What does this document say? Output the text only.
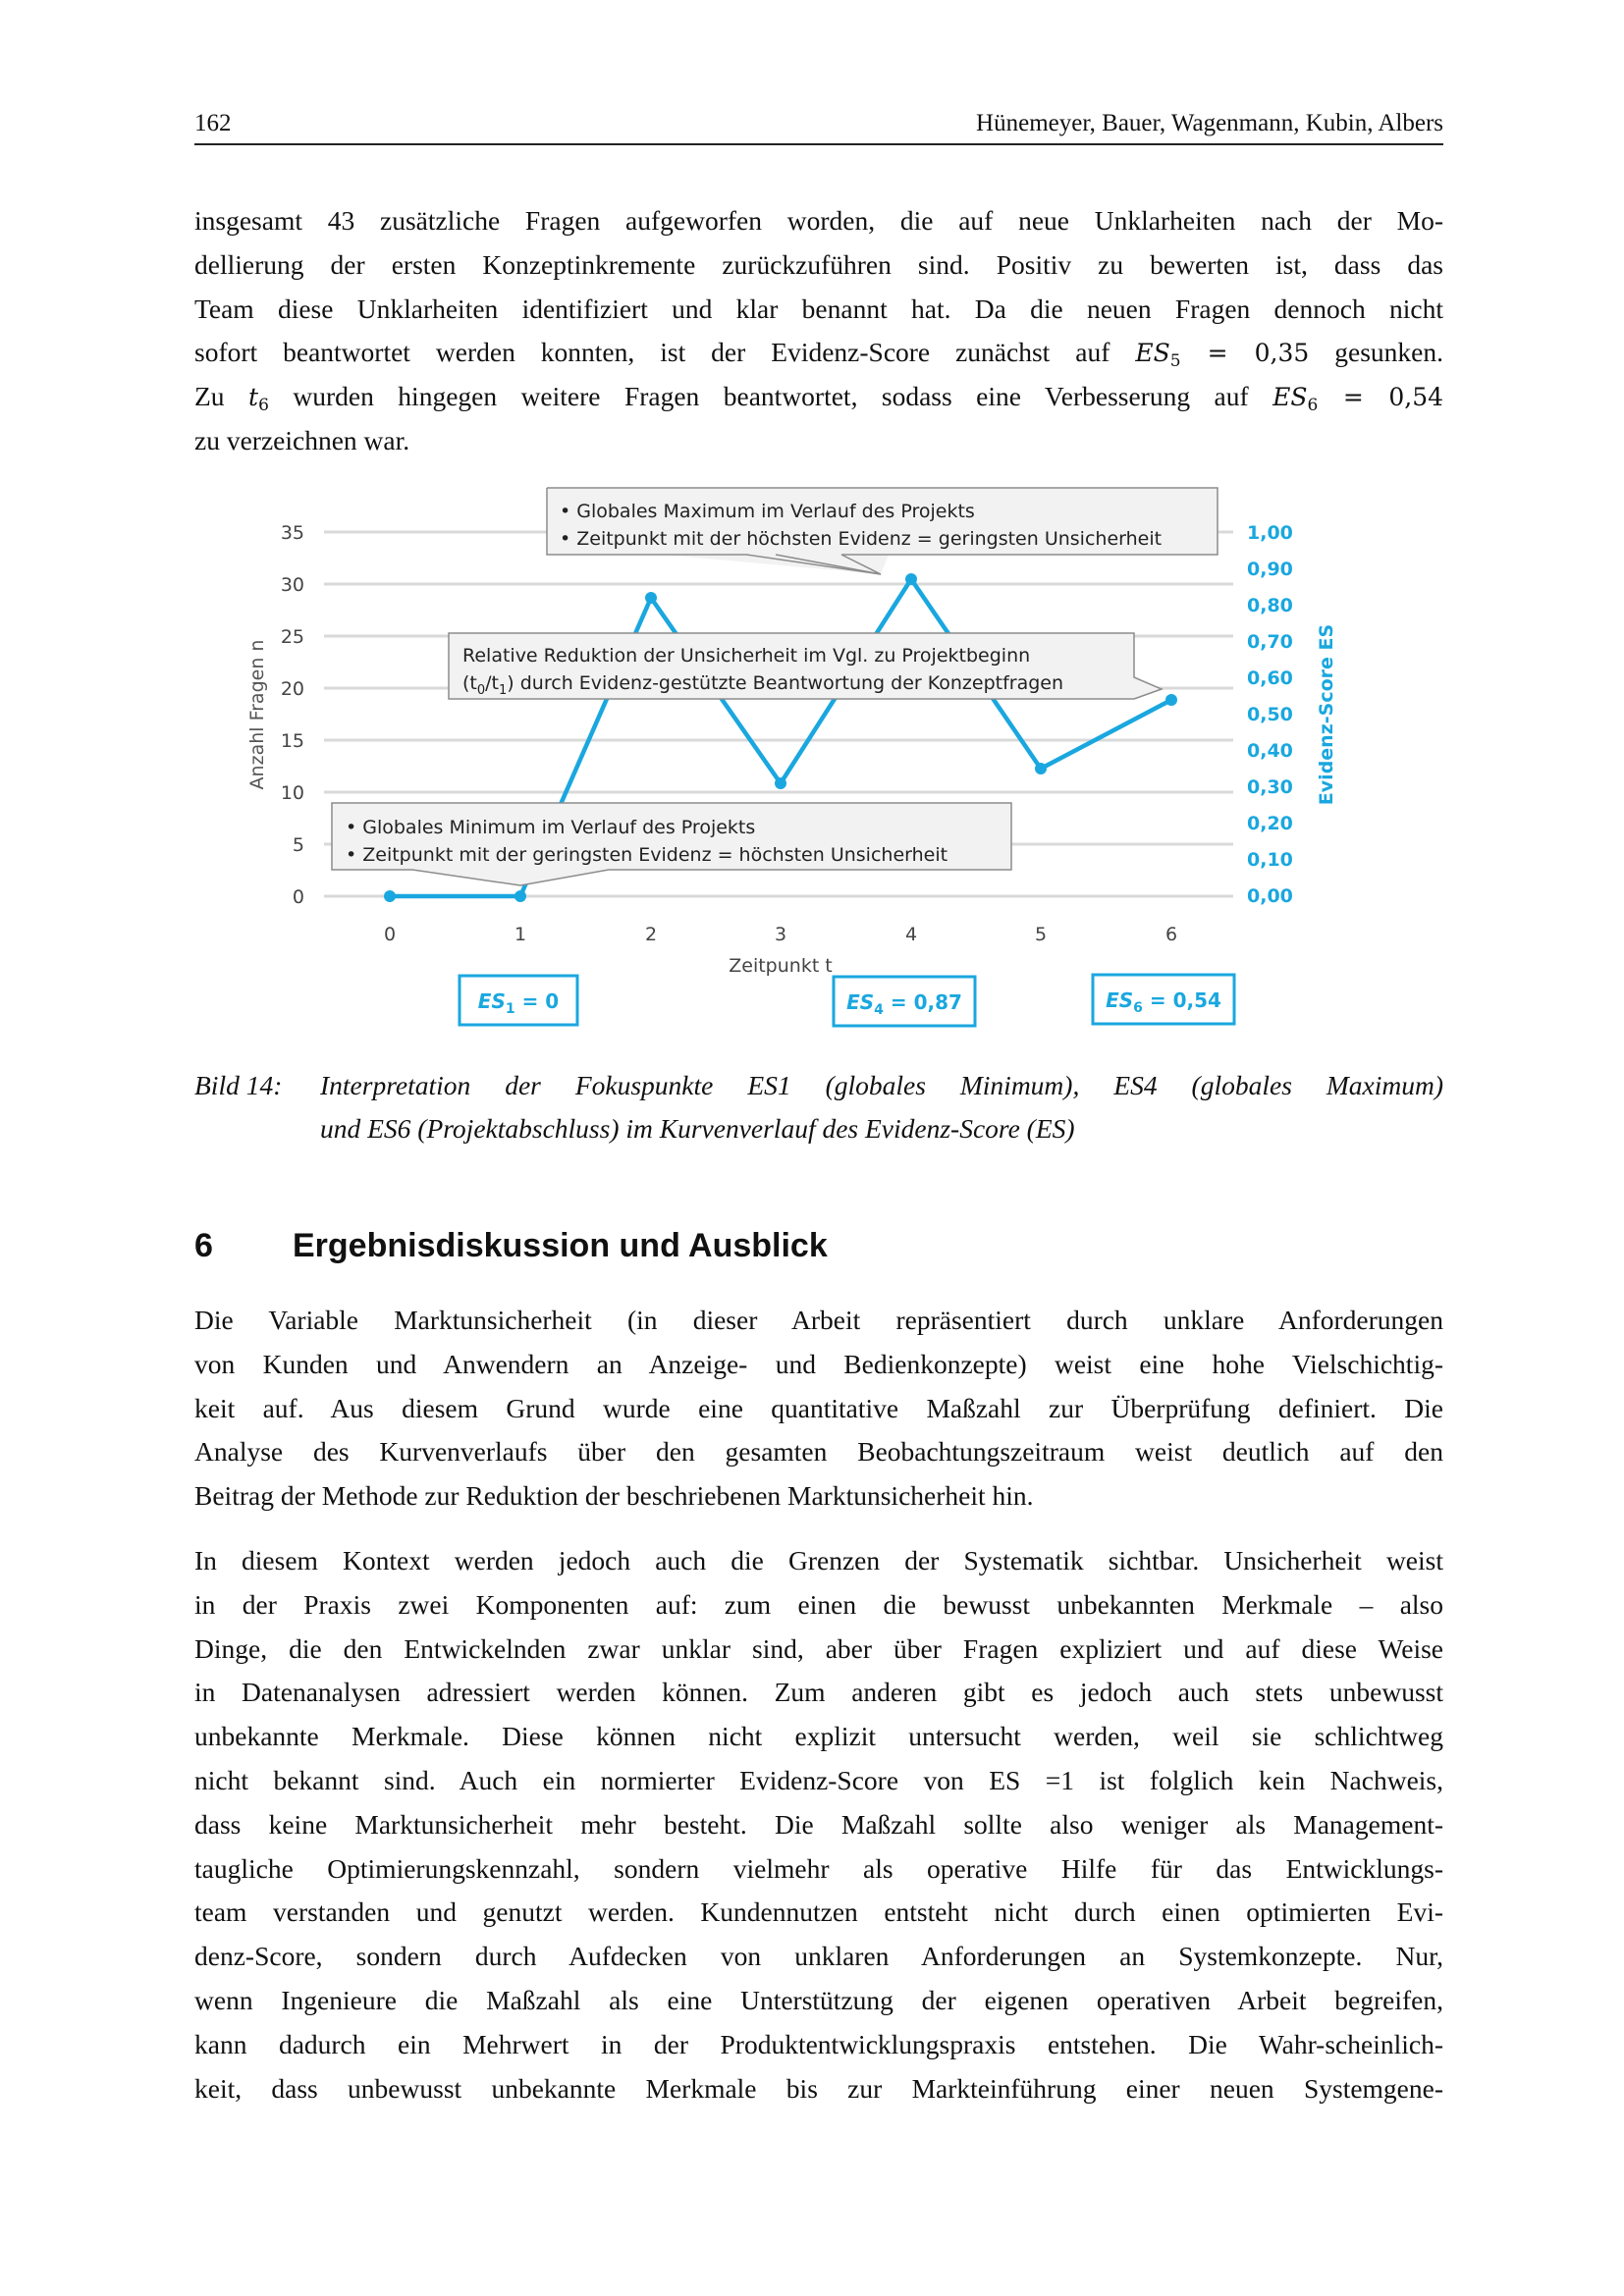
162	Hünemeyer, Bauer, Wagenmann, Kubin, Albers
insgesamt 43 zusätzliche Fragen aufgeworfen worden, die auf neue Unklarheiten nach der Mo-
dellierung der ersten Konzeptinkremente zurückzuführen sind. Positiv zu bewerten ist, dass das
Team diese Unklarheiten identifiziert und klar benannt hat. Da die neuen Fragen dennoch nicht
sofort beantwortet werden konnten, ist der Evidenz-Score zunächst auf $ES_5 = 0,35$ gesunken.
Zu $t_6$ wurden hingegen weitere Fragen beantwortet, sodass eine Verbesserung auf $ES_6 = 0,54$
zu verzeichnen war.
35
30
25
20
15
10
5
0
Anzahl Fragen n
1,00
0,90
0,80
0,70
0,60
0,50
0,40
0,30
0,20
0,10
0,00
Evidenz-Score ES
0	1	2	3	4	5	6
Zeitpunkt t
• Globales Maximum im Verlauf des Projekts
• Zeitpunkt mit der höchsten Evidenz = geringsten Unsicherheit
Relative Reduktion der Unsicherheit im Vgl. zu Projektbeginn
$(t_0/t_1)$ durch Evidenz-gestützte Beantwortung der Konzeptfragen
• Globales Minimum im Verlauf des Projekts
• Zeitpunkt mit der geringsten Evidenz = höchsten Unsicherheit
$ES_1 = 0$	$ES_4 = 0,87$	$ES_6 = 0,54$
Bild 14: Interpretation der Fokuspunkte ES1 (globales Minimum), ES4 (globales Maximum)
und ES6 (Projektabschluss) im Kurvenverlauf des Evidenz-Score (ES)
6 Ergebnisdiskussion und Ausblick
Die Variable Marktunsicherheit (in dieser Arbeit repräsentiert durch unklare Anforderungen
von Kunden und Anwendern an Anzeige- und Bedienkonzepte) weist eine hohe Vielschichtig-
keit auf. Aus diesem Grund wurde eine quantitative Maßzahl zur Überprüfung definiert. Die
Analyse des Kurvenverlaufs über den gesamten Beobachtungszeitraum weist deutlich auf den
Beitrag der Methode zur Reduktion der beschriebenen Marktunsicherheit hin.
In diesem Kontext werden jedoch auch die Grenzen der Systematik sichtbar. Unsicherheit weist
in der Praxis zwei Komponenten auf: zum einen die bewusst unbekannten Merkmale – also
Dinge, die den Entwickelnden zwar unklar sind, aber über Fragen expliziert und auf diese Weise
in Datenanalysen adressiert werden können. Zum anderen gibt es jedoch auch stets unbewusst
unbekannte Merkmale. Diese können nicht explizit untersucht werden, weil sie schlichtweg
nicht bekannt sind. Auch ein normierter Evidenz-Score von ES =1 ist folglich kein Nachweis,
dass keine Marktunsicherheit mehr besteht. Die Maßzahl sollte also weniger als Management-
taugliche Optimierungskennzahl, sondern vielmehr als operative Hilfe für das Entwicklungs-
team verstanden und genutzt werden. Kundennutzen entsteht nicht durch einen optimierten Evi-
denz-Score, sondern durch Aufdecken von unklaren Anforderungen an Systemkonzepte. Nur,
wenn Ingenieure die Maßzahl als eine Unterstützung der eigenen operativen Arbeit begreifen,
kann dadurch ein Mehrwert in der Produktentwicklungspraxis entstehen. Die Wahr-scheinlich-
keit, dass unbewusst unbekannte Merkmale bis zur Markteinführung einer neuen Systemgene-
